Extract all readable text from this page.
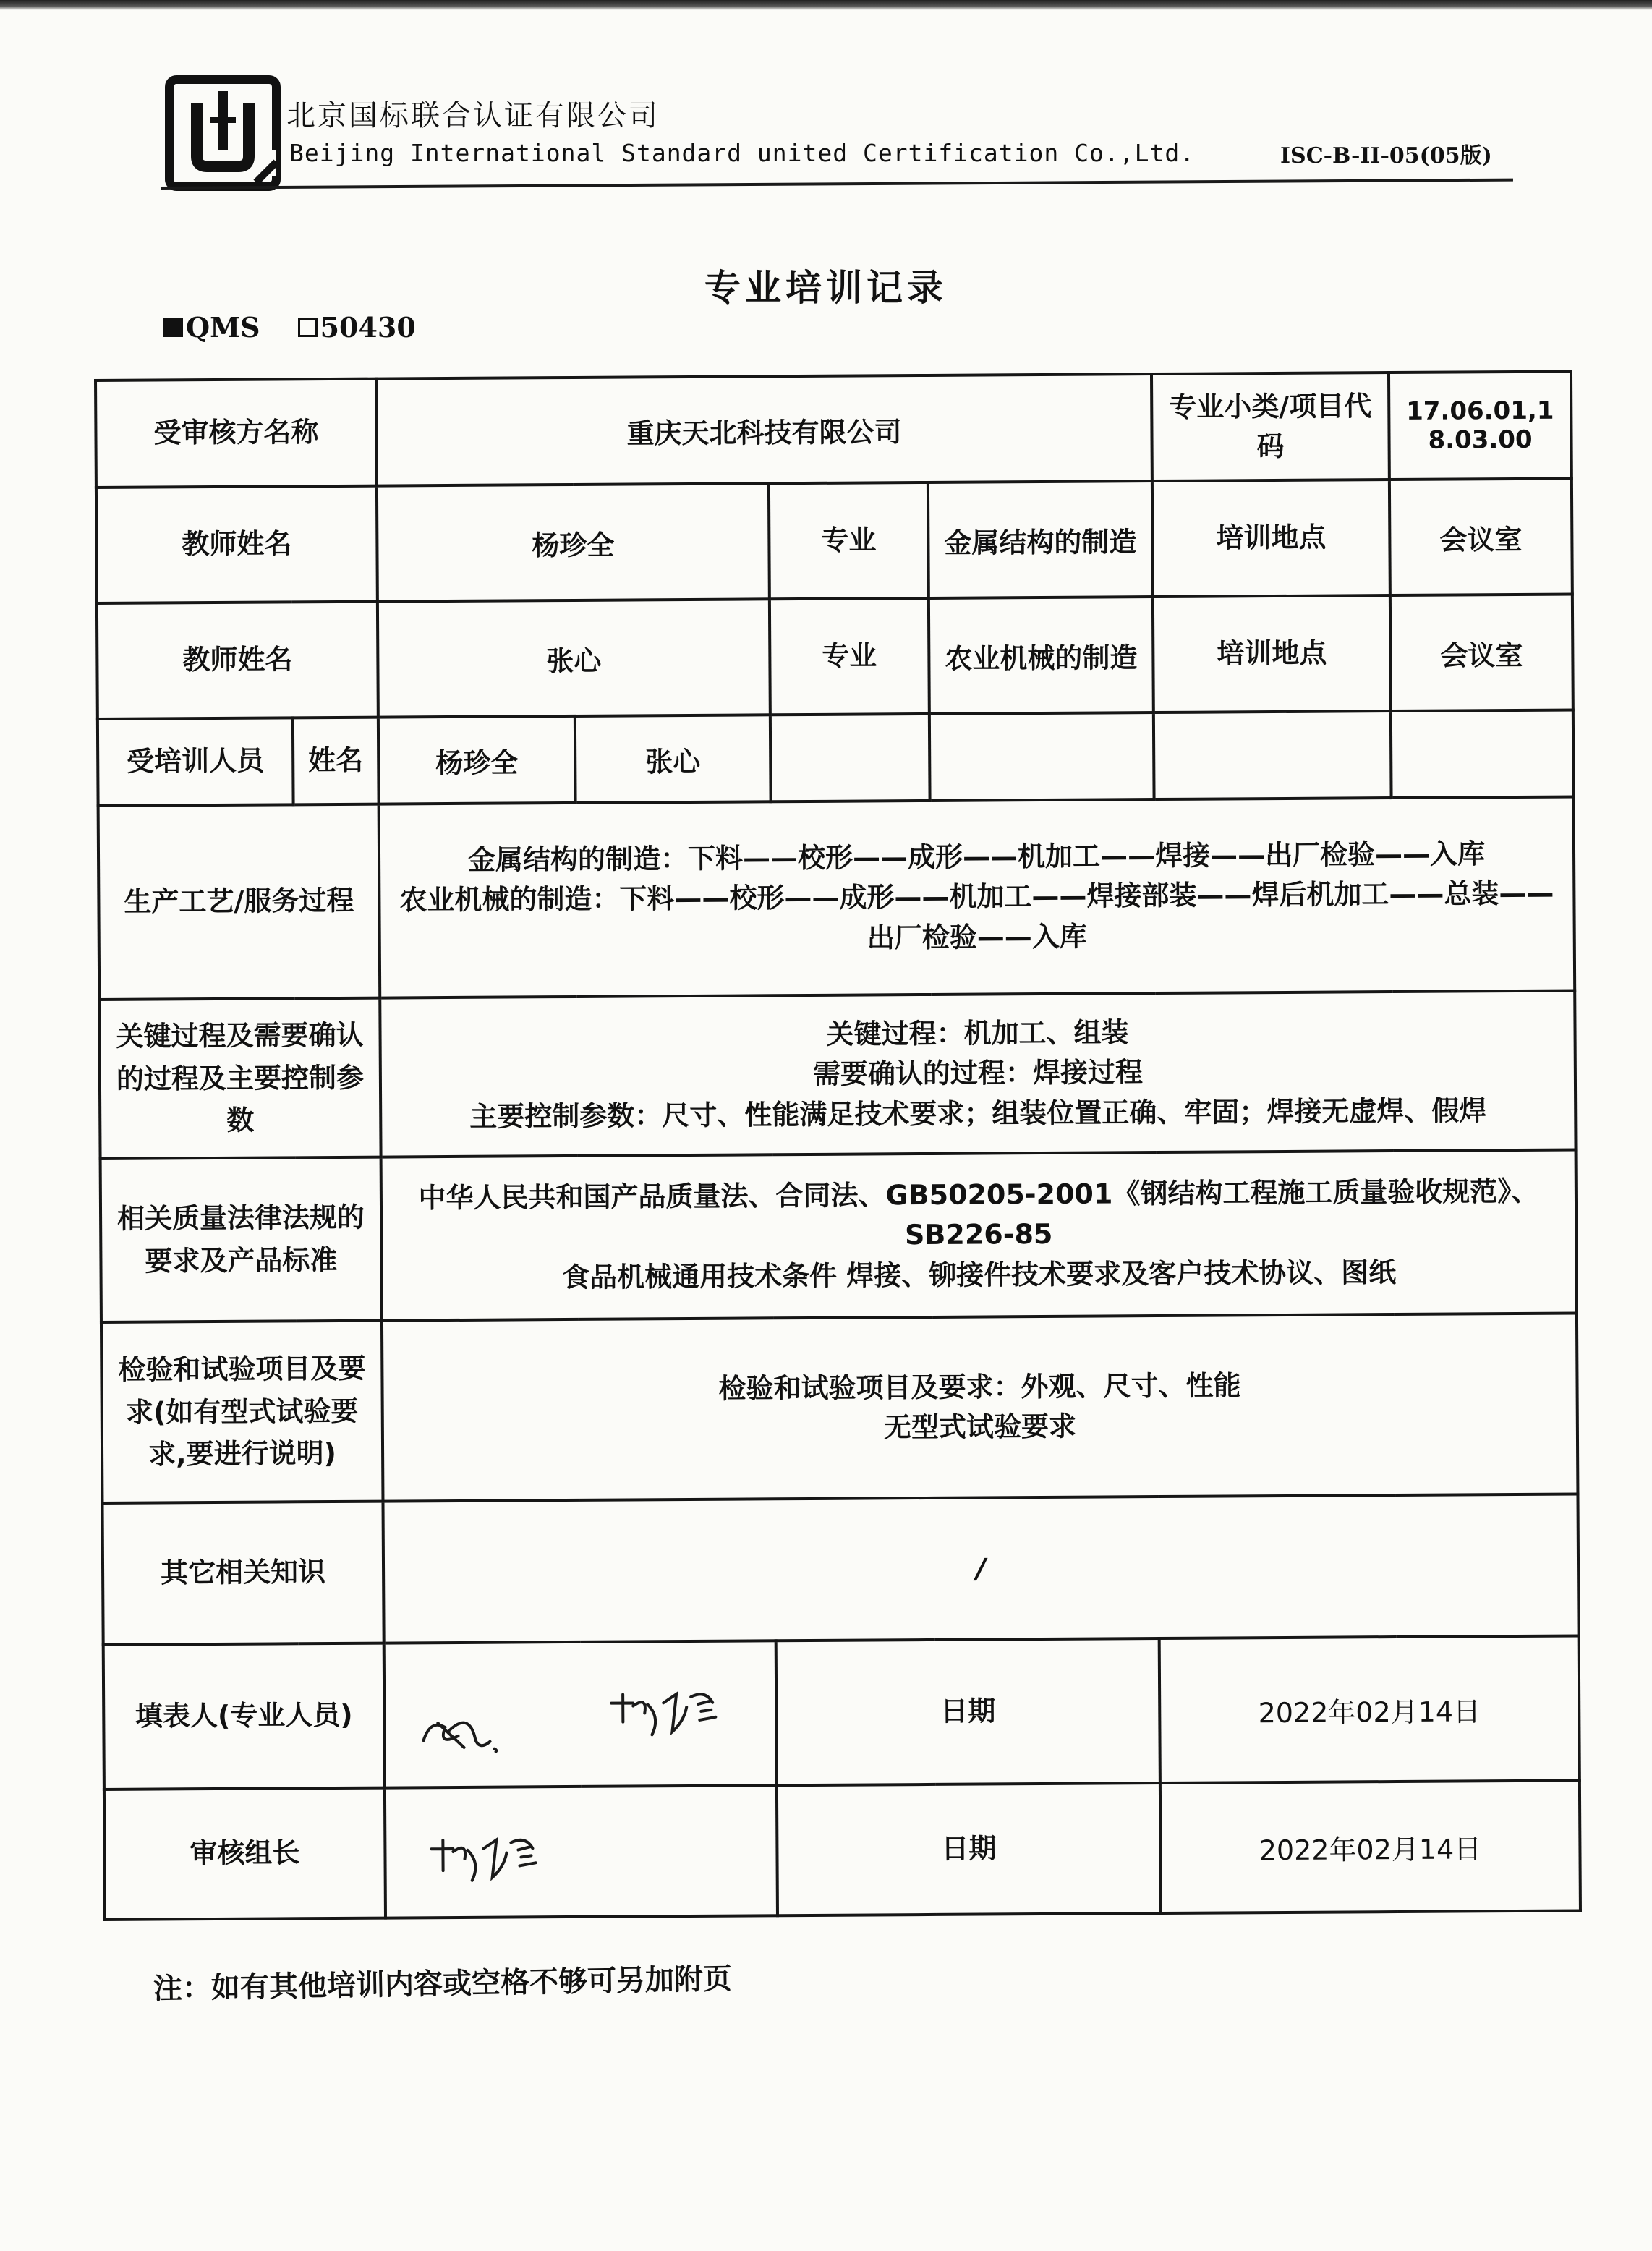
北京国标联合认证有限公司
Beijing International Standard united Certification Co.,Ltd.	ISC-B-II-05(05版)
专业培训记录
QMS 50430
受审核方名称		重庆天北科技有限公司				专业小类/项目代码	17.06.01,18.03.00
教师姓名		杨珍全		专业	金属结构的制造	培训地点	会议室
教师姓名		张心		专业	农业机械的制造	培训地点	会议室
受培训人员	姓名	杨珍全	张心				
生产工艺/服务过程		金属结构的制造：下料——校形——成形——机加工——焊接——出厂检验——入库
农业机械的制造：下料——校形——成形——机加工——焊接部装——焊后机加工——总装——出厂检验——入库					

关键过程及需要确认的过程及主要控制参数		关键过程：机加工、组装
需要确认的过程：焊接过程
主要控制参数：尺寸、性能满足技术要求；组装位置正确、牢固；焊接无虚焊、假焊					

相关质量法律法规的要求及产品标准		中华人民共和国产品质量法、合同法、GB50205-2001《钢结构工程施工质量验收规范》、SB226-85
食品机械通用技术条件 焊接、铆接件技术要求及客户技术协议、图纸					

检验和试验项目及要求(如有型式试验要求,要进行说明)		检验和试验项目及要求：外观、尺寸、性能
无型式试验要求					

其它相关知识		/					
填表人(专业人员)				日期		2022年02月14日	
审核组长				日期		2022年02月14日	
注：如有其他培训内容或空格不够可另加附页
